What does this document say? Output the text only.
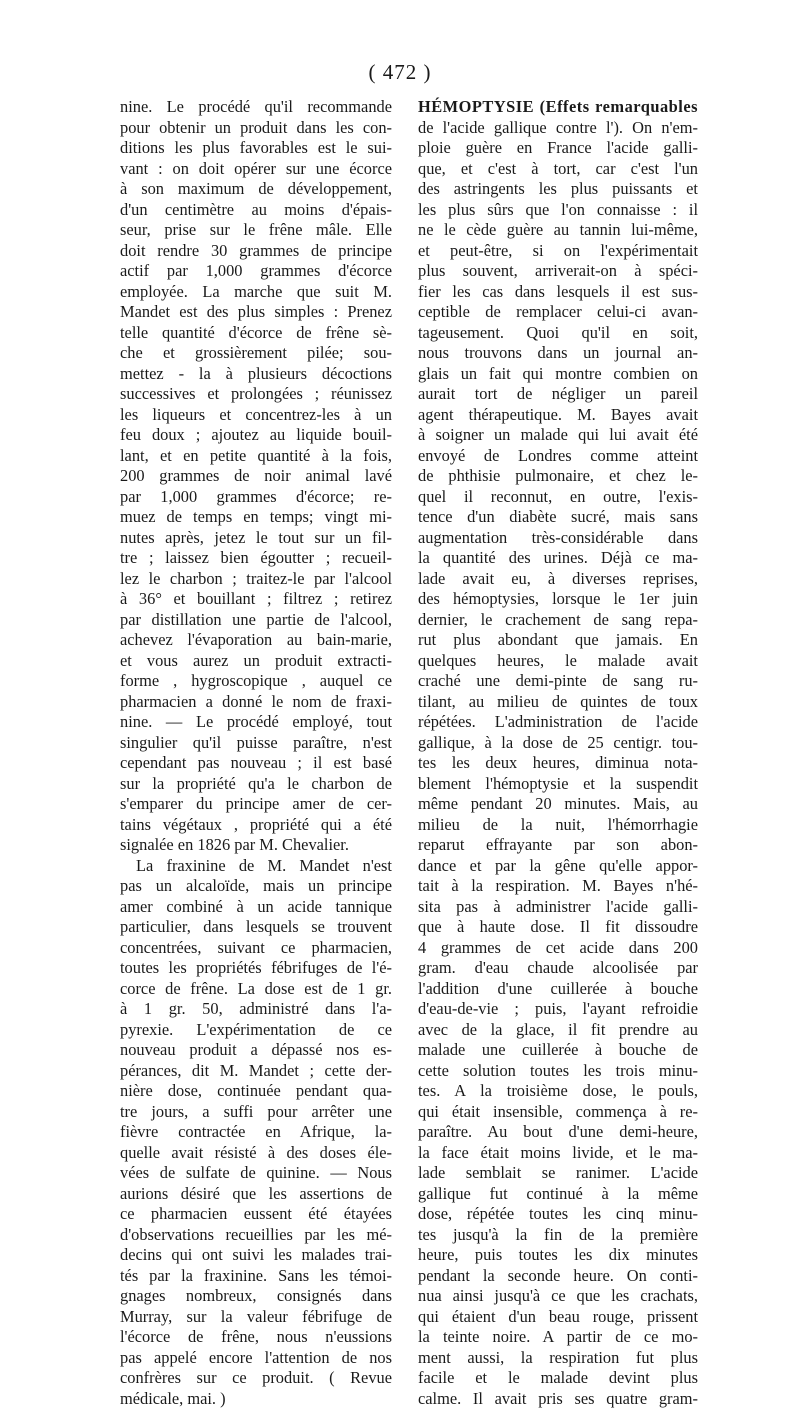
( 472 )
nine. Le procédé qu'il recommande
pour obtenir un produit dans les con-
ditions les plus favorables est le sui-
vant : on doit opérer sur une écorce
à son maximum de développement,
d'un centimètre au moins d'épais-
seur, prise sur le frêne mâle. Elle
doit rendre 30 grammes de principe
actif par 1,000 grammes d'écorce
employée. La marche que suit M.
Mandet est des plus simples : Prenez
telle quantité d'écorce de frêne sè-
che et grossièrement pilée; sou-
mettez - la à plusieurs décoctions
successives et prolongées ; réunissez
les liqueurs et concentrez-les à un
feu doux ; ajoutez au liquide bouil-
lant, et en petite quantité à la fois,
200 grammes de noir animal lavé
par 1,000 grammes d'écorce; re-
muez de temps en temps; vingt mi-
nutes après, jetez le tout sur un fil-
tre ; laissez bien égoutter ; recueil-
lez le charbon ; traitez-le par l'alcool
à 36° et bouillant ; filtrez ; retirez
par distillation une partie de l'alcool,
achevez l'évaporation au bain-marie,
et vous aurez un produit extracti-
forme , hygroscopique , auquel ce
pharmacien a donné le nom de fraxi-
nine. — Le procédé employé, tout
singulier qu'il puisse paraître, n'est
cependant pas nouveau ; il est basé
sur la propriété qu'a le charbon de
s'emparer du principe amer de cer-
tains végétaux , propriété qui a été
signalée en 1826 par M. Chevalier.
La fraxinine de M. Mandet n'est
pas un alcaloïde, mais un principe
amer combiné à un acide tannique
particulier, dans lesquels se trouvent
concentrées, suivant ce pharmacien,
toutes les propriétés fébrifuges de l'é-
corce de frêne. La dose est de 1 gr.
à 1 gr. 50, administré dans l'a-
pyrexie. L'expérimentation de ce
nouveau produit a dépassé nos es-
pérances, dit M. Mandet ; cette der-
nière dose, continuée pendant qua-
tre jours, a suffi pour arrêter une
fièvre contractée en Afrique, la-
quelle avait résisté à des doses éle-
vées de sulfate de quinine. — Nous
aurions désiré que les assertions de
ce pharmacien eussent été étayées
d'observations recueillies par les mé-
decins qui ont suivi les malades trai-
tés par la fraxinine. Sans les témoi-
gnages nombreux, consignés dans
Murray, sur la valeur fébrifuge de
l'écorce de frêne, nous n'eussions
pas appelé encore l'attention de nos
confrères sur ce produit. ( Revue
médicale, mai. )
HÉMOPTYSIE (Effets remarquables
de l'acide gallique contre l'). On n'em-
ploie guère en France l'acide galli-
que, et c'est à tort, car c'est l'un
des astringents les plus puissants et
les plus sûrs que l'on connaisse : il
ne le cède guère au tannin lui-même,
et peut-être, si on l'expérimentait
plus souvent, arriverait-on à spéci-
fier les cas dans lesquels il est sus-
ceptible de remplacer celui-ci avan-
tageusement. Quoi qu'il en soit,
nous trouvons dans un journal an-
glais un fait qui montre combien on
aurait tort de négliger un pareil
agent thérapeutique. M. Bayes avait
à soigner un malade qui lui avait été
envoyé de Londres comme atteint
de phthisie pulmonaire, et chez le-
quel il reconnut, en outre, l'exis-
tence d'un diabète sucré, mais sans
augmentation très-considérable dans
la quantité des urines. Déjà ce ma-
lade avait eu, à diverses reprises,
des hémoptysies, lorsque le 1er juin
dernier, le crachement de sang repa-
rut plus abondant que jamais. En
quelques heures, le malade avait
craché une demi-pinte de sang ru-
tilant, au milieu de quintes de toux
répétées. L'administration de l'acide
gallique, à la dose de 25 centigr. tou-
tes les deux heures, diminua nota-
blement l'hémoptysie et la suspendit
même pendant 20 minutes. Mais, au
milieu de la nuit, l'hémorrhagie
reparut effrayante par son abon-
dance et par la gêne qu'elle appor-
tait à la respiration. M. Bayes n'hé-
sita pas à administrer l'acide galli-
que à haute dose. Il fit dissoudre
4 grammes de cet acide dans 200
gram. d'eau chaude alcoolisée par
l'addition d'une cuillerée à bouche
d'eau-de-vie ; puis, l'ayant refroidie
avec de la glace, il fit prendre au
malade une cuillerée à bouche de
cette solution toutes les trois minu-
tes. A la troisième dose, le pouls,
qui était insensible, commença à re-
paraître. Au bout d'une demi-heure,
la face était moins livide, et le ma-
lade semblait se ranimer. L'acide
gallique fut continué à la même
dose, répétée toutes les cinq minu-
tes jusqu'à la fin de la première
heure, puis toutes les dix minutes
pendant la seconde heure. On conti-
nua ainsi jusqu'à ce que les crachats,
qui étaient d'un beau rouge, prissent
la teinte noire. A partir de ce mo-
ment aussi, la respiration fut plus
facile et le malade devint plus
calme. Il avait pris ses quatre gram-
